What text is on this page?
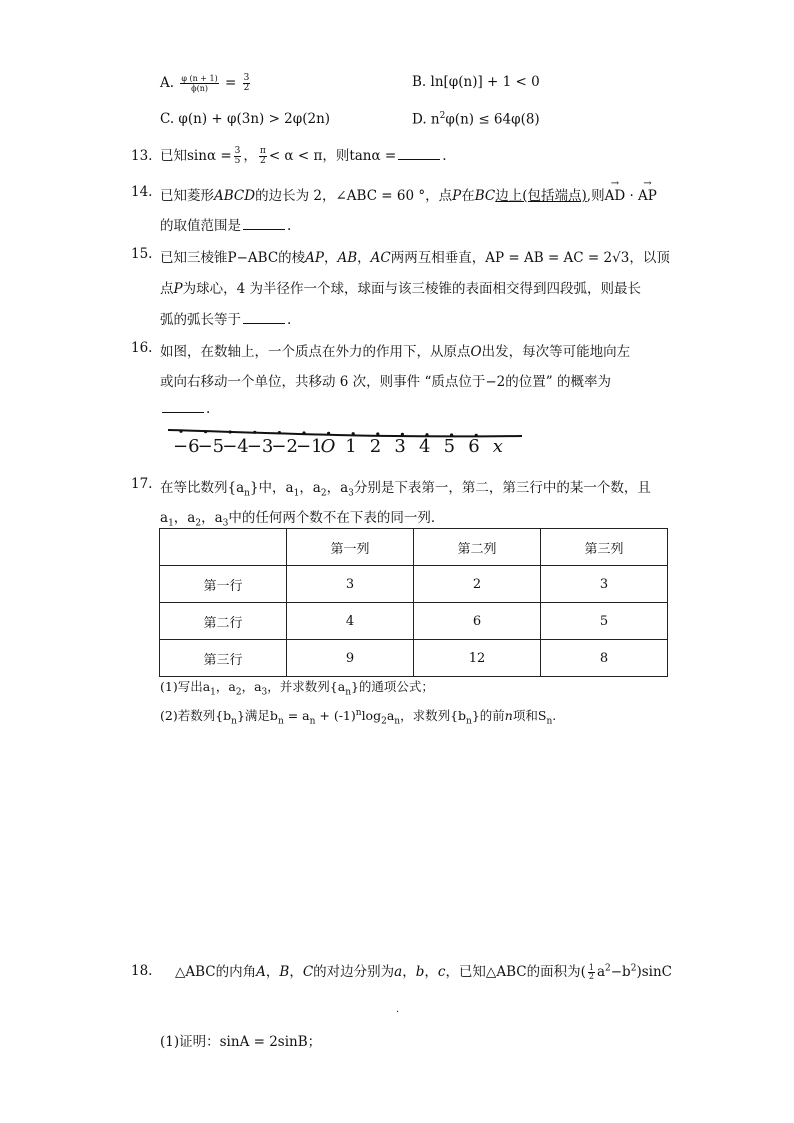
A. $\frac{\varphi (n + 1)}{\phi(n)} = \frac{3}{2}$	B. ln[φ(n)] + 1 < 0
C. φ(n) + φ(3n) > 2φ(2n)	D. $n^2\varphi(n) \le 64\varphi(8)$
13. 已知$\sin\alpha = \frac{3}{5}$ ， $\frac{\pi}{2} < \alpha < \pi$，则tanα =	.
14. 已知菱形ABCD的边长为 2，∠ABC = 60 °，点P在BC边上(包括端点),则→ AD · → AP
的取值范围是	.
15. 已知三棱锥P−ABC的棱AP，AB，AC两两互相垂直，AP = AB = AC = 2√3，以顶
点P为球心，4 为半径作一个球，球面与该三棱锥的表面相交得到四段弧，则最长
弧的弧长等于	.
16. 如图，在数轴上，一个质点在外力的作用下，从原点O出发，每次等可能地向左
或向右移动一个单位，共移动 6 次，则事件 “质点位于−2的位置” 的概率为
.
−6
−5
−4
−3
−2
−1
O 1 2 3 4 5 6 x
17. 在等比数列$\{a_n\}$中，$a_1$，$a_2$，$a_3$分别是下表第一，第二，第三行中的某一个数，且
$a_1$，$a_2$，$a_3$中的任何两个数不在下表的同一列．
	第一列	第二列	第三列
第一行	3	2	3
第二行	4	6	5
第三行	9	12	8
(1)写出$a_1$，$a_2$，$a_3$，并求数列$\{a_n\}$的通项公式；
(2)若数列$\{b_n\}$满足$b_n = a_n + (-1)^n\log_2a_n$，求数列$\{b_n\}$的前n项和$S_n$.
18. △ABC的内角A，B，C的对边分别为a，b，c，已知△ABC的面积为( $\frac{1}{2} a^2-b^2)\sin C$
.
(1)证明：sinA = 2sinB；
